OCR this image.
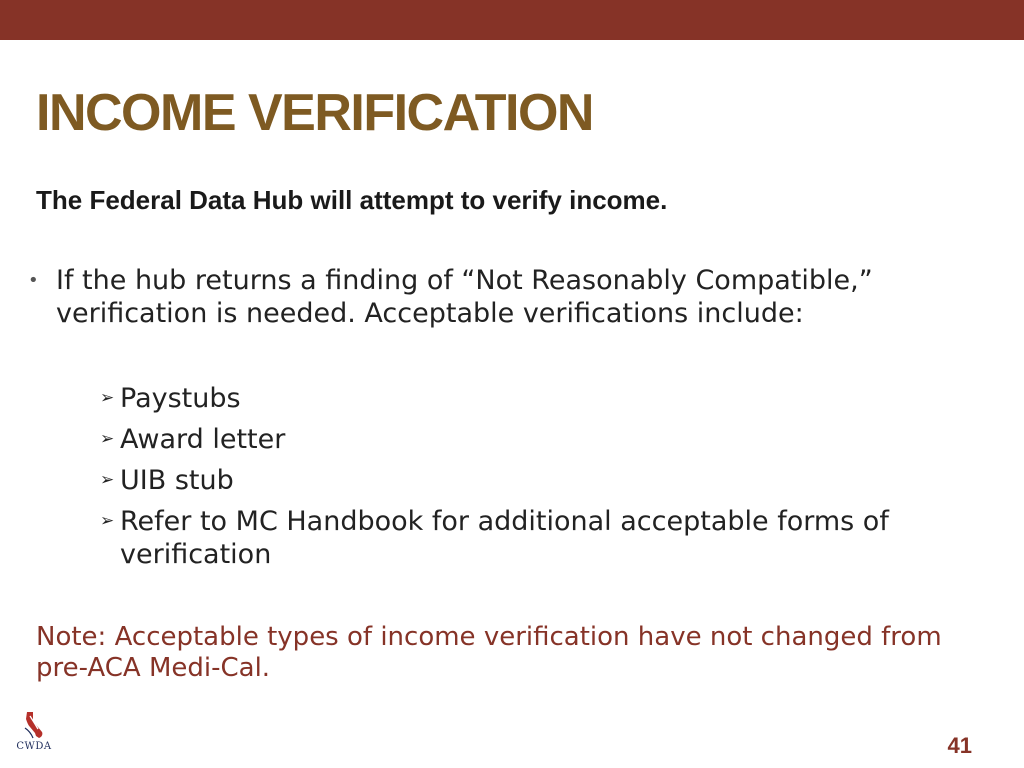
INCOME VERIFICATION
The Federal Data Hub will attempt to verify income.
• If the hub returns a finding of “Not Reasonably Compatible,” verification is needed. Acceptable verifications include:
➢ Paystubs
➢ Award letter
➢ UIB stub
➢ Refer to MC Handbook for additional acceptable forms of verification
Note: Acceptable types of income verification have not changed from pre-ACA Medi-Cal.
CWDA	41
